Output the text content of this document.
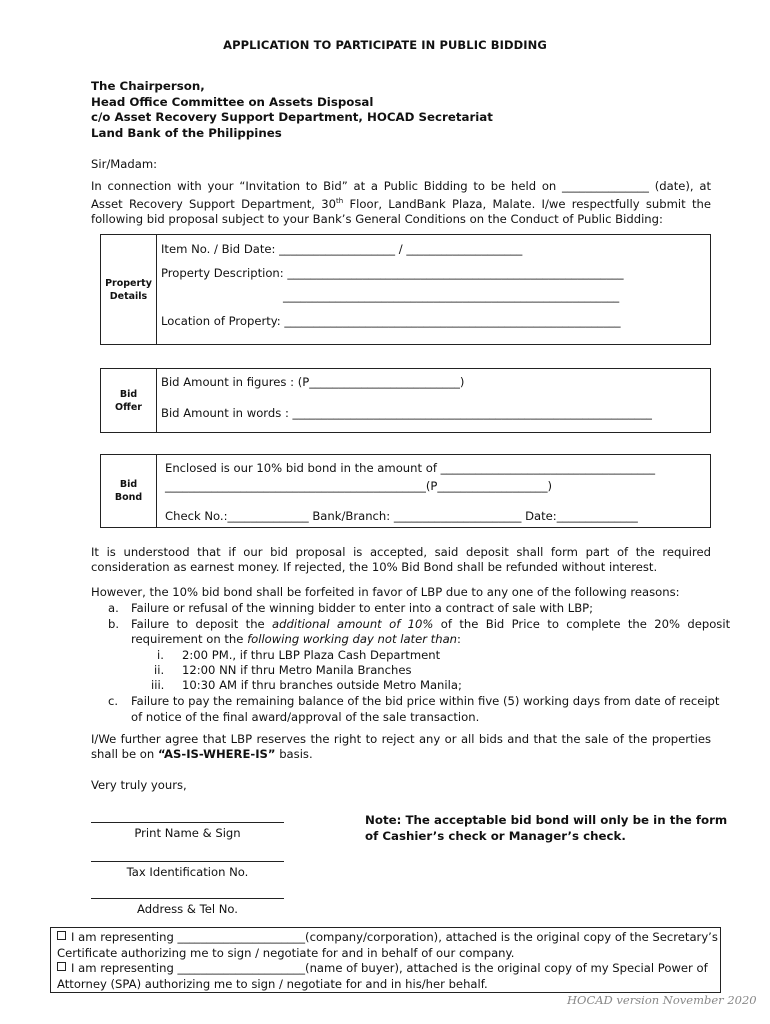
APPLICATION TO PARTICIPATE IN PUBLIC BIDDING
The Chairperson,
Head Office Committee on Assets Disposal
c/o Asset Recovery Support Department, HOCAD Secretariat
Land Bank of the Philippines
Sir/Madam:

In connection with your “Invitation to Bid” at a Public Bidding to be held on _______________ (date), at Asset Recovery Support Department, 30th Floor, LandBank Plaza, Malate. I/we respectfully submit the following bid proposal subject to your Bank’s General Conditions on the Conduct of Public Bidding:

Property
Details
Item No. / Bid Date: ____________________ / ____________________
Property Description: __________________________________________________________
__________________________________________________________
Location of Property: __________________________________________________________
Bid
Offer
Bid Amount in figures : (P__________________________)
Bid Amount in words : ______________________________________________________________
Bid
Bond
Enclosed is our 10% bid bond in the amount of _____________________________________
_____________________________________________(P___________________)
Check No.:______________ Bank/Branch: ______________________ Date:______________
It is understood that if our bid proposal is accepted, said deposit shall form part of the required consideration as earnest money. If rejected, the 10% Bid Bond shall be refunded without interest.
However, the 10% bid bond shall be forfeited in favor of LBP due to any one of the following reasons:
a. Failure or refusal of the winning bidder to enter into a contract of sale with LBP;
b. Failure  to  deposit  the  additional  amount  of  10%  of  the  Bid  Price  to  complete  the  20%  deposit
requirement on the following working day not later than:
i. 2:00 PM., if thru LBP Plaza Cash Department
ii. 12:00 NN if thru Metro Manila Branches
iii. 10:30 AM if thru branches outside Metro Manila;
c. Failure to pay the remaining balance of the bid price within five (5) working days from date of receipt
of notice of the final award/approval of the sale transaction.
I/We further agree that LBP reserves the right to reject any or all bids and that the sale of the properties shall be on “AS-IS-WHERE-IS” basis.
Very truly yours,
Print Name & Sign
Tax Identification No.
Address & Tel No.
Note: The acceptable bid bond will only be in the form
of Cashier’s check or Manager’s check.
I am representing ______________________(company/corporation), attached is the original copy of the Secretary’s
Certificate authorizing me to sign / negotiate for and in behalf of our company.
I am representing ______________________(name of buyer), attached is the original copy of my Special Power of
Attorney (SPA) authorizing me to sign / negotiate for and in his/her behalf.
HOCAD version November 2020
